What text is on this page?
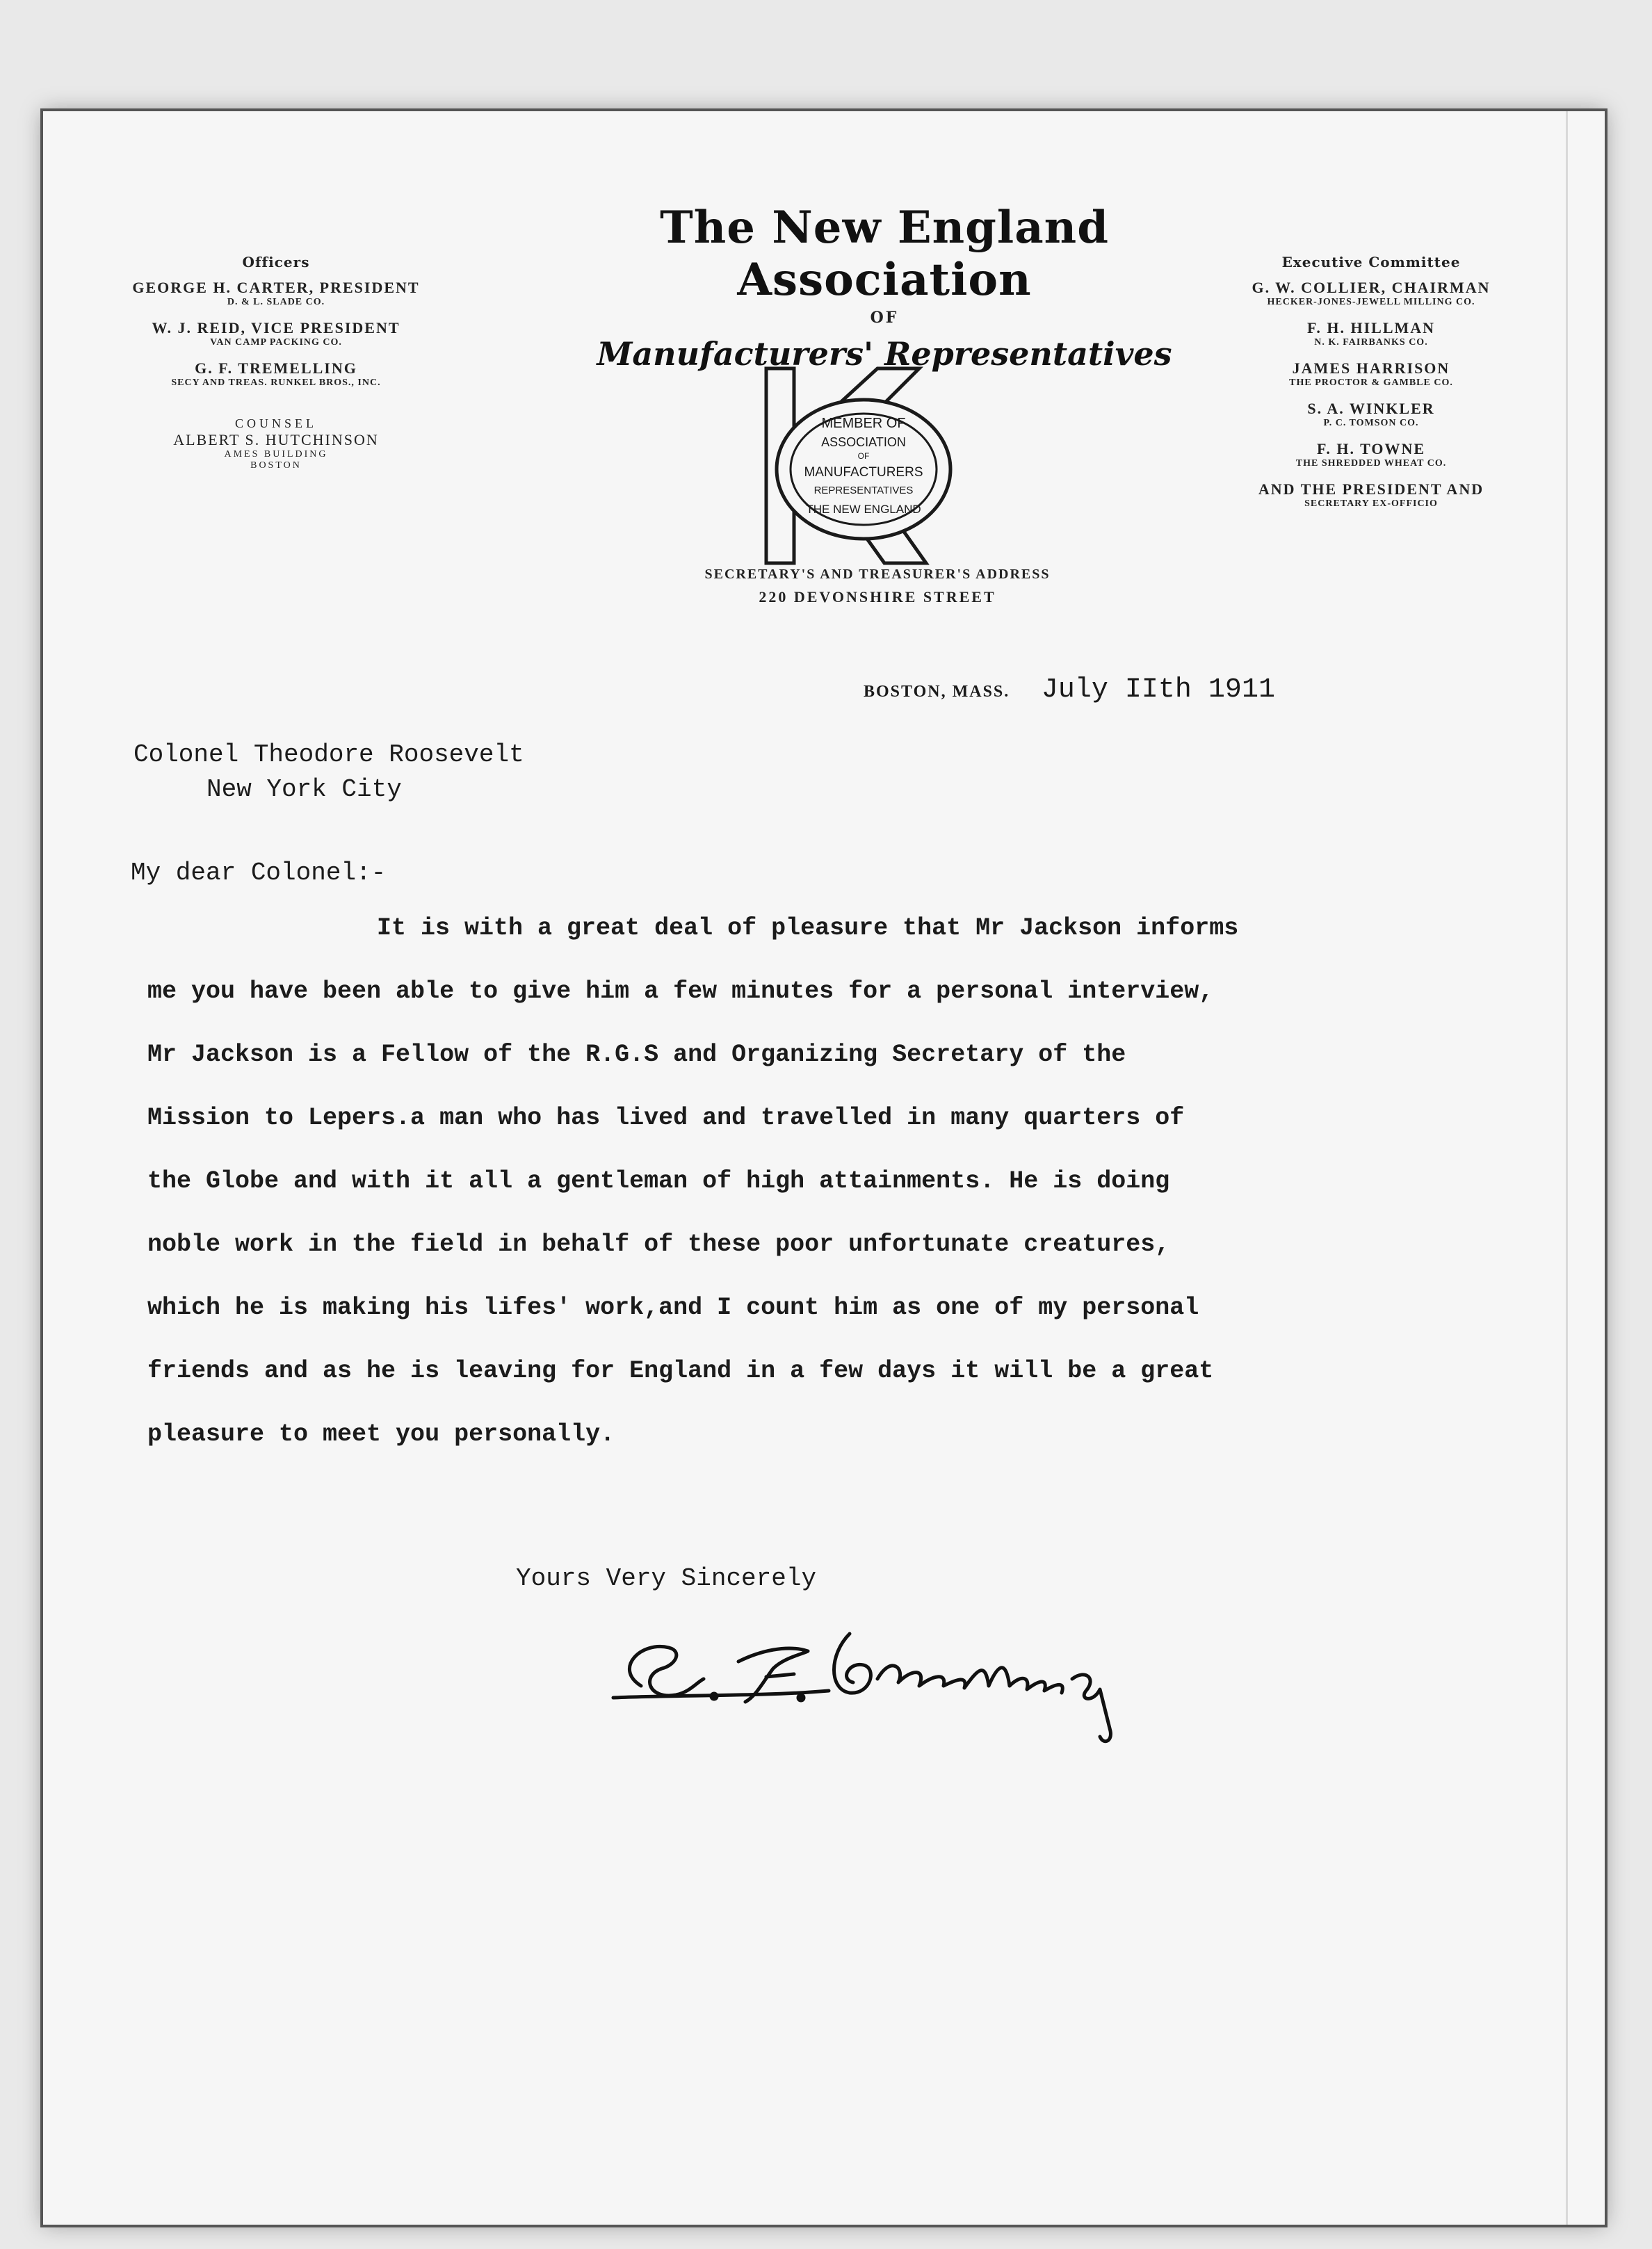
The New England Association
OF
Manufacturers' Representatives
Officers
GEORGE H. CARTER, PRESIDENT
D. & L. SLADE CO.
W. J. REID, VICE PRESIDENT
VAN CAMP PACKING CO.
G. F. TREMELLING
SECY AND TREAS. RUNKEL BROS., INC.
COUNSEL
ALBERT S. HUTCHINSON
AMES BUILDING
BOSTON
Executive Committee
G. W. COLLIER, CHAIRMAN
HECKER-JONES-JEWELL MILLING CO.
F. H. HILLMAN
N. K. FAIRBANKS CO.
JAMES HARRISON
THE PROCTOR & GAMBLE CO.
S. A. WINKLER
P. C. TOMSON CO.
F. H. TOWNE
THE SHREDDED WHEAT CO.
AND THE PRESIDENT AND
SECRETARY EX-OFFICIO
MEMBER OF
ASSOCIATION
OF
MANUFACTURERS
REPRESENTATIVES
THE NEW ENGLAND
SECRETARY'S AND TREASURER'S ADDRESS
220 DEVONSHIRE STREET
BOSTON, MASS. July IIth 1911
Colonel Theodore Roosevelt
New York City
My dear Colonel:-
It is with a great deal of pleasure that Mr Jackson informs
me you have been able to give him a few minutes for a personal interview,
Mr Jackson is a Fellow of the R.G.S and Organizing Secretary of the
Mission to Lepers.a man who has lived and travelled in many quarters of
the Globe and with it all a gentleman of high attainments. He is doing
noble work in the field in behalf of these poor unfortunate creatures,
which he is making his lifes' work,and I count him as one of my personal
friends and as he is leaving for England in a few days it will be a great
pleasure to meet you personally.
Yours Very Sincerely
